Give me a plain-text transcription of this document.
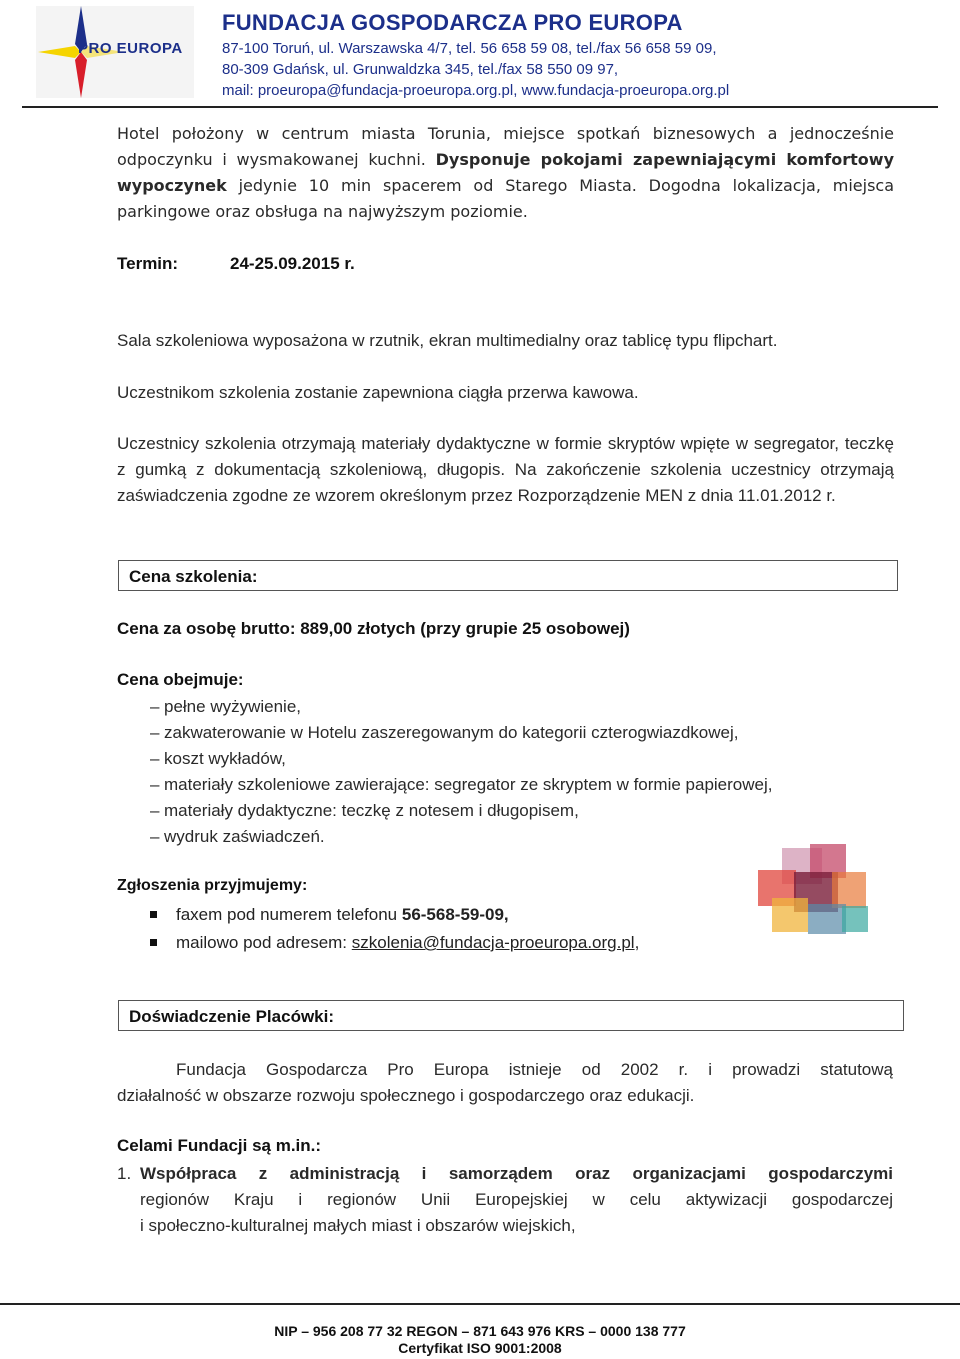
PRO EUROPA
FUNDACJA GOSPODARCZA PRO EUROPA
87-100 Toruń, ul. Warszawska 4/7, tel. 56 658 59 08, tel./fax 56 658 59 09,
80-309 Gdańsk, ul. Grunwaldzka 345, tel./fax 58 550 09 97,
mail: proeuropa@fundacja-proeuropa.org.pl, www.fundacja-proeuropa.org.pl
Hotel położony w centrum miasta Torunia, miejsce spotkań biznesowych a jednocześnie odpoczynku i wysmakowanej kuchni. Dysponuje pokojami zapewniającymi komfortowy wypoczynek jedynie 10 min spacerem od Starego Miasta. Dogodna lokalizacja, miejsca parkingowe oraz obsługa na najwyższym poziomie.
Termin:	24-25.09.2015 r.
Sala szkoleniowa wyposażona w rzutnik, ekran multimedialny oraz tablicę typu flipchart.
Uczestnikom szkolenia zostanie zapewniona ciągła przerwa kawowa.
Uczestnicy szkolenia otrzymają materiały dydaktyczne w formie skryptów wpięte w segregator, teczkę z gumką z dokumentacją szkoleniową, długopis. Na zakończenie szkolenia uczestnicy otrzymają zaświadczenia zgodne ze wzorem określonym przez Rozporządzenie MEN z dnia 11.01.2012 r.
Cena szkolenia:
Cena za osobę brutto: 889,00 złotych (przy grupie 25 osobowej)
Cena obejmuje:
– pełne wyżywienie,
– zakwaterowanie w Hotelu zaszeregowanym do kategorii czterogwiazdkowej,
– koszt wykładów,
– materiały szkoleniowe zawierające: segregator ze skryptem w formie papierowej,
– materiały dydaktyczne: teczkę z notesem i długopisem,
– wydruk zaświadczeń.
Zgłoszenia przyjmujemy:
faxem pod numerem telefonu 56-568-59-09,
mailowo pod adresem: szkolenia@fundacja-proeuropa.org.pl,
Doświadczenie Placówki:
Fundacja Gospodarcza Pro Europa istnieje od 2002 r. i prowadzi statutową
działalność w obszarze rozwoju społecznego i gospodarczego oraz edukacji.
Celami Fundacji są m.in.:
1. Współpraca z administracją i samorządem oraz organizacjami gospodarczymi
regionów Kraju i regionów Unii Europejskiej w celu aktywizacji gospodarczej
i społeczno-kulturalnej małych miast i obszarów wiejskich,
NIP – 956 208 77 32 REGON – 871 643 976 KRS – 0000 138 777
Certyfikat ISO 9001:2008
